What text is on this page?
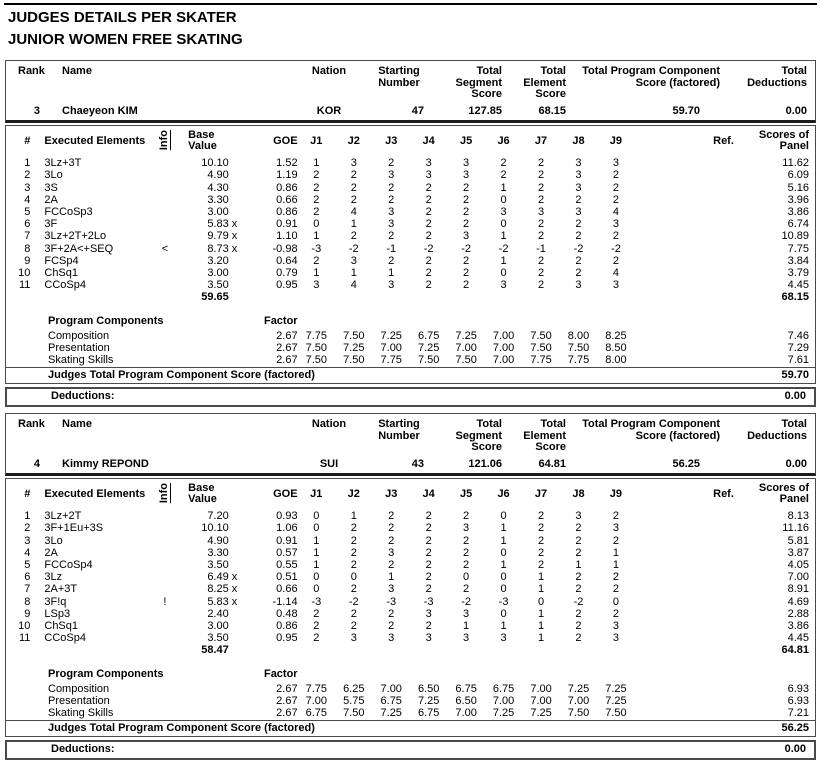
JUDGES DETAILS PER SKATER
JUNIOR WOMEN FREE SKATING
Rank	Name	Nation	Starting
Number	Total
Segment
Score	Total
Element
Score	Total Program Component
Score (factored)	Total
Deductions
3	Chaeyeon KIM	KOR	47	127.85	68.15	59.70	0.00
#	Executed Elements	Info	Base
Value		GOE	J1	J2	J3	J4	J5	J6	J7	J8	J9		Ref.	Scores of
Panel
1	3Lz+3T		10.10		1.52	1	3	2	3	3	2	2	3	3			11.62
2	3Lo		4.90		1.19	2	2	3	3	3	2	2	3	2			6.09
3	3S		4.30		0.86	2	2	2	2	2	1	2	3	2			5.16
4	2A		3.30		0.66	2	2	2	2	2	0	2	2	2			3.96
5	FCCoSp3		3.00		0.86	2	4	3	2	2	3	3	3	4			3.86
6	3F		5.83	x	0.91	0	1	3	2	2	0	2	2	3			6.74
7	3Lz+2T+2Lo		9.79	x	1.10	1	2	2	2	3	1	2	2	2			10.89
8	3F+2A<+SEQ	<	8.73	x	-0.98	-3	-2	-1	-2	-2	-2	-1	-2	-2			7.75
9	FCSp4		3.20		0.64	2	3	2	2	2	1	2	2	2			3.84
10	ChSq1		3.00		0.79	1	1	1	2	2	0	2	2	4			3.79
11	CCoSp4		3.50		0.95	3	4	3	2	2	3	2	3	3			4.45
			59.65														68.15
Program Components	Factor												
Composition	2.67	7.75	7.50	7.25	6.75	7.25	7.00	7.50	8.00	8.25			7.46
Presentation	2.67	7.50	7.25	7.00	7.25	7.00	7.00	7.50	7.50	8.50			7.29
Skating Skills	2.67	7.50	7.50	7.75	7.50	7.50	7.00	7.75	7.75	8.00			7.61
Judges Total Program Component Score (factored)	59.70
Deductions:	0.00
Rank	Name	Nation	Starting
Number	Total
Segment
Score	Total
Element
Score	Total Program Component
Score (factored)	Total
Deductions
4	Kimmy REPOND	SUI	43	121.06	64.81	56.25	0.00
#	Executed Elements	Info	Base
Value		GOE	J1	J2	J3	J4	J5	J6	J7	J8	J9		Ref.	Scores of
Panel
1	3Lz+2T		7.20		0.93	0	1	2	2	2	0	2	3	2			8.13
2	3F+1Eu+3S		10.10		1.06	0	2	2	2	3	1	2	2	3			11.16
3	3Lo		4.90		0.91	1	2	2	2	2	1	2	2	2			5.81
4	2A		3.30		0.57	1	2	3	2	2	0	2	2	1			3.87
5	FCCoSp4		3.50		0.55	1	2	2	2	2	1	2	1	1			4.05
6	3Lz		6.49	x	0.51	0	0	1	2	0	0	1	2	2			7.00
7	2A+3T		8.25	x	0.66	0	2	3	2	2	0	1	2	2			8.91
8	3F!q	!	5.83	x	-1.14	-3	-2	-3	-3	-2	-3	0	-2	0			4.69
9	LSp3		2.40		0.48	2	2	2	3	3	0	1	2	2			2.88
10	ChSq1		3.00		0.86	2	2	2	2	1	1	1	2	3			3.86
11	CCoSp4		3.50		0.95	2	3	3	3	3	3	1	2	3			4.45
			58.47														64.81
Program Components	Factor												
Composition	2.67	7.75	6.25	7.00	6.50	6.75	6.75	7.00	7.25	7.25			6.93
Presentation	2.67	7.00	5.75	6.75	7.25	6.50	7.00	7.00	7.00	7.25			6.93
Skating Skills	2.67	6.75	7.50	7.25	6.75	7.00	7.25	7.25	7.50	7.50			7.21
Judges Total Program Component Score (factored)	56.25
Deductions:	0.00
